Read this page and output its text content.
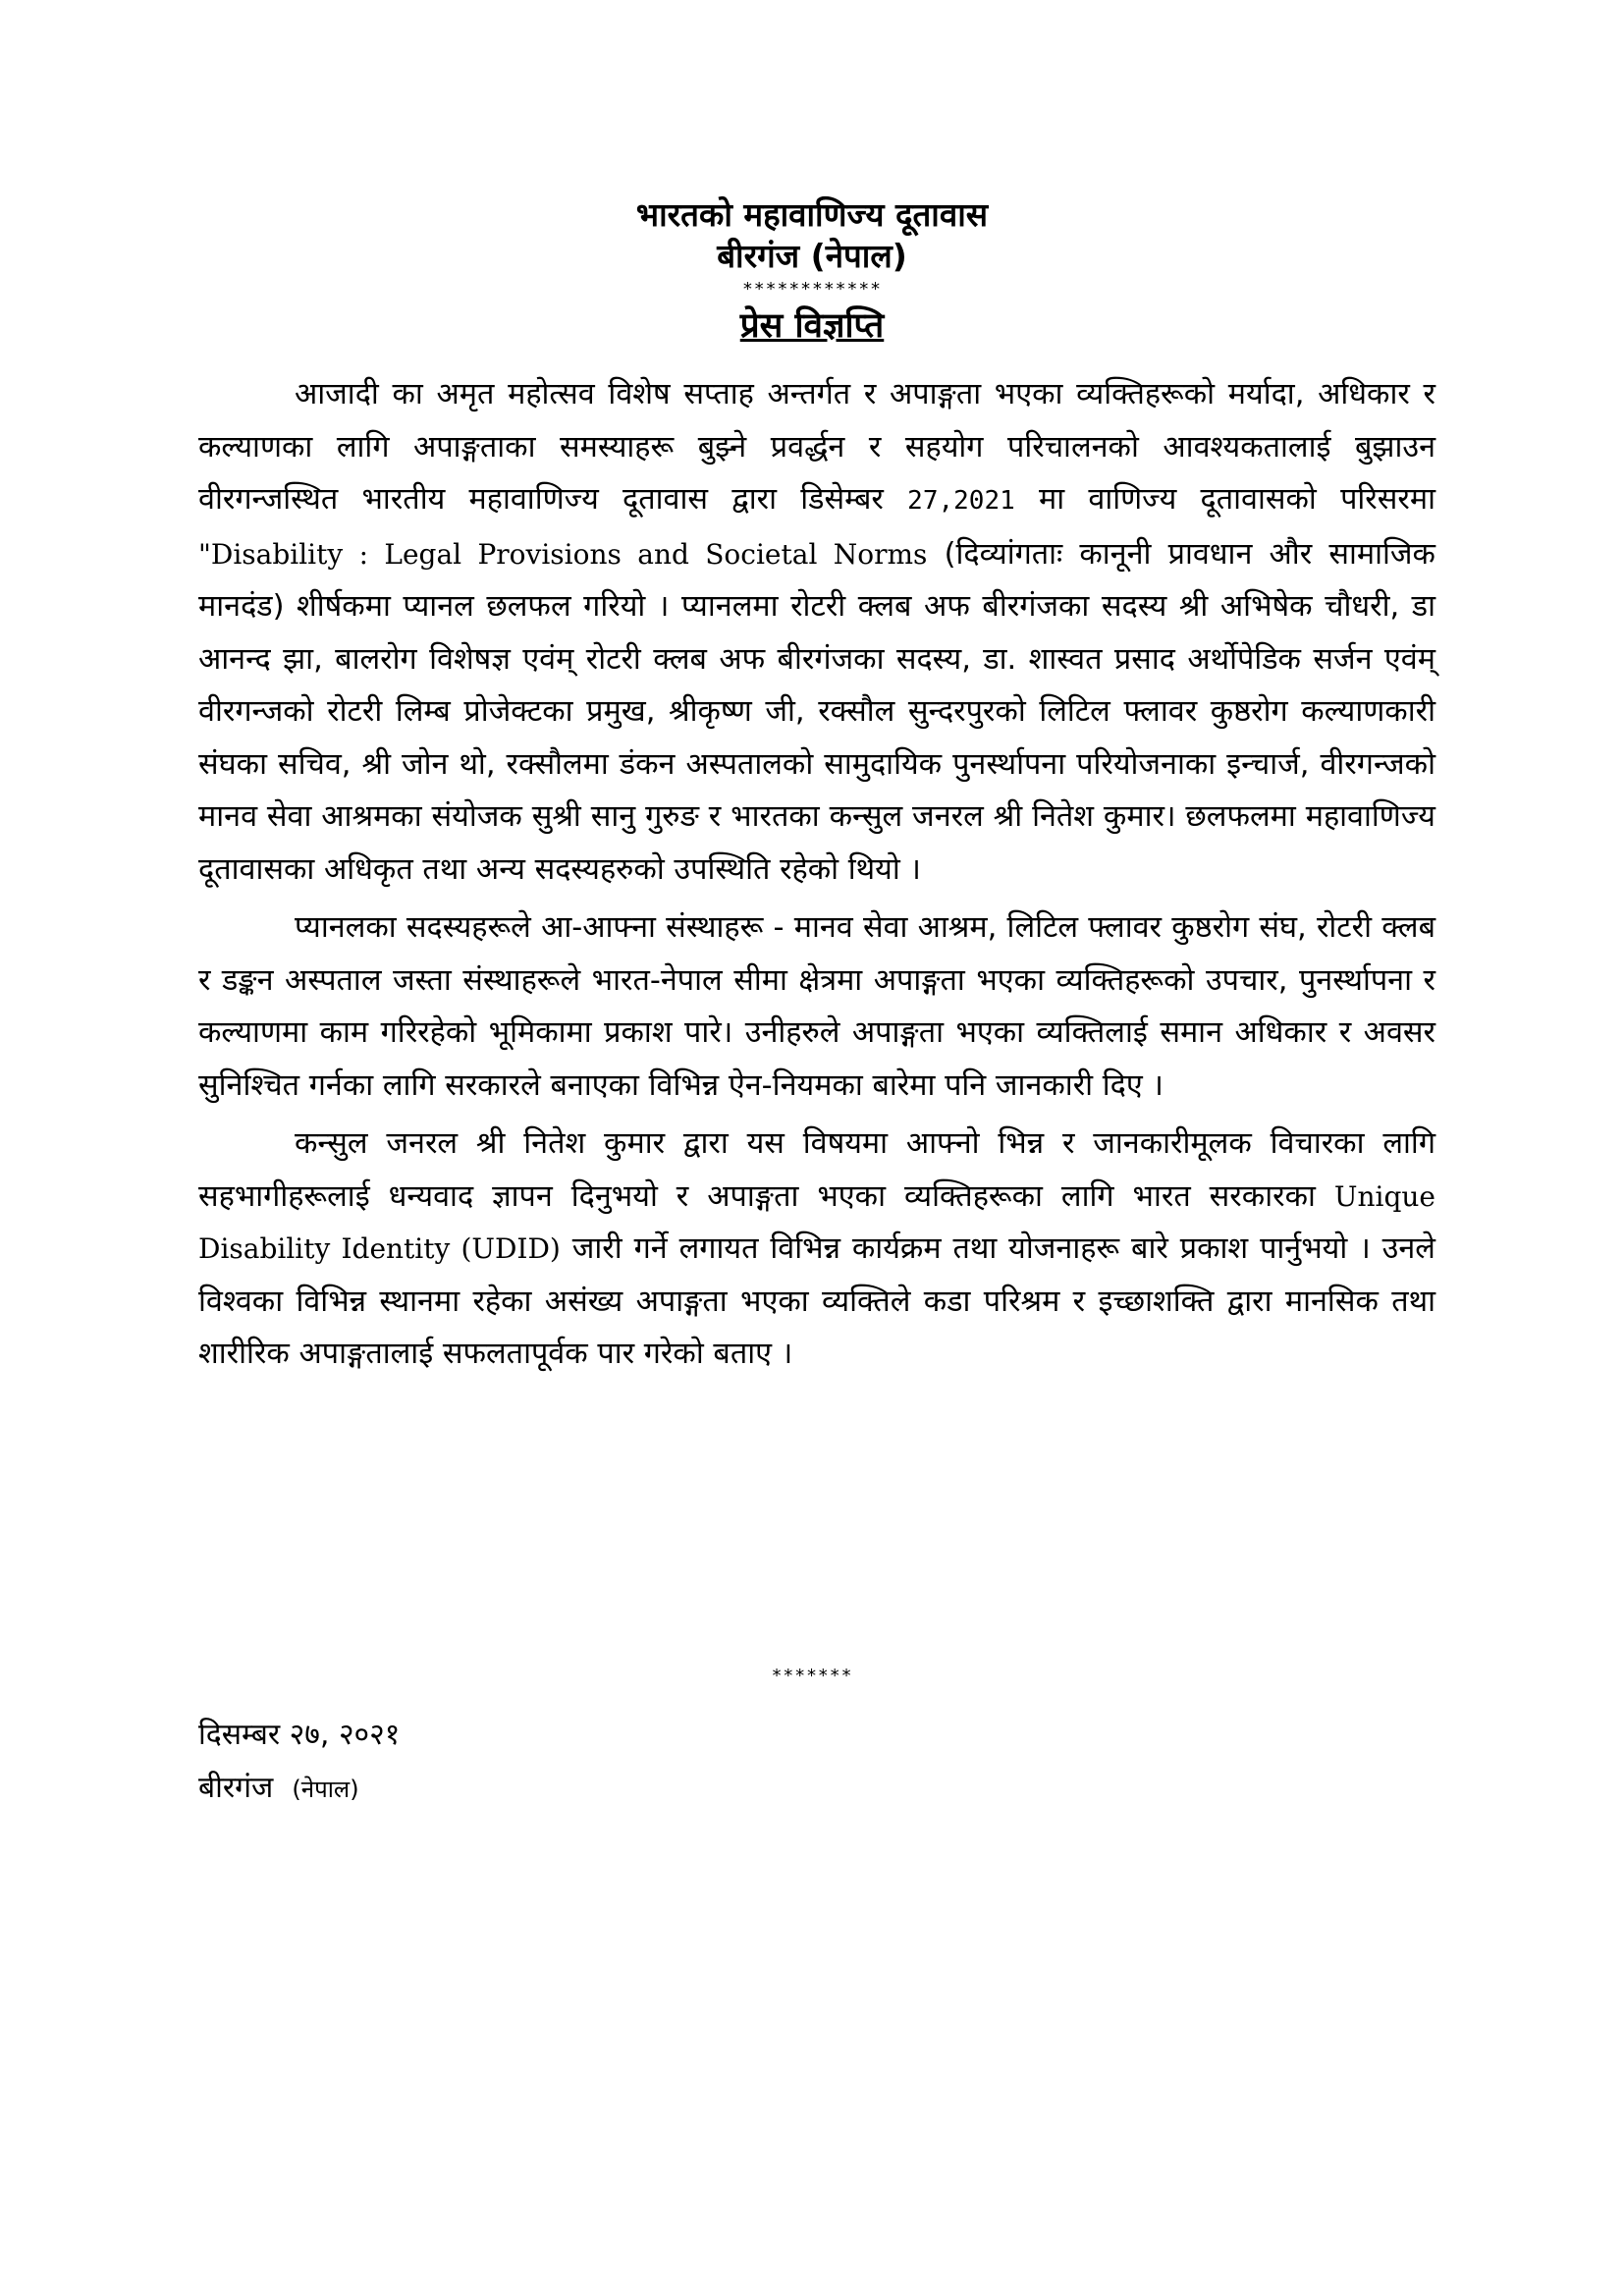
भारतको महावाणिज्य दूतावास

बीरगंज (नेपाल)

************

प्रेस विज्ञप्ति

आजादी का अमृत महोत्सव विशेष सप्ताह अन्तर्गत र अपाङ्गता भएका व्यक्तिहरूको मर्यादा, अधिकार र कल्याणका लागि अपाङ्गताका समस्याहरू बुझ्ने प्रवर्द्धन र सहयोग परिचालनको आवश्यकतालाई बुझाउन वीरगन्जस्थित भारतीय महावाणिज्य दूतावास द्वारा डिसेम्बर 27,2021 मा वाणिज्य दूतावासको परिसरमा "Disability : Legal Provisions and Societal Norms (दिव्यांगताः कानूनी प्रावधान और सामाजिक मानदंड) शीर्षकमा प्यानल छलफल गरियो । प्यानलमा रोटरी क्लब अफ बीरगंजका सदस्य श्री अभिषेक चौधरी, डा आनन्द झा, बालरोग विशेषज्ञ एवंम् रोटरी क्लब अफ बीरगंजका सदस्य, डा. शास्वत प्रसाद अर्थोपेडिक सर्जन एवंम् वीरगन्जको रोटरी लिम्ब प्रोजेक्टका प्रमुख, श्रीकृष्ण जी, रक्सौल सुन्दरपुरको लिटिल फ्लावर कुष्ठरोग कल्याणकारी संघका सचिव, श्री जोन थो, रक्सौलमा डंकन अस्पतालको सामुदायिक पुनर्स्थापना परियोजनाका इन्चार्ज, वीरगन्जको मानव सेवा आश्रमका संयोजक सुश्री सानु गुरुङ र भारतका कन्सुल जनरल श्री नितेश कुमार। छलफलमा महावाणिज्य दूतावासका अधिकृत तथा अन्य सदस्यहरुको उपस्थिति रहेको थियो ।

प्यानलका सदस्यहरूले आ-आफ्ना संस्थाहरू - मानव सेवा आश्रम, लिटिल फ्लावर कुष्ठरोग संघ, रोटरी क्लब र डङ्कन अस्पताल जस्ता संस्थाहरूले भारत-नेपाल सीमा क्षेत्रमा अपाङ्गता भएका व्यक्तिहरूको उपचार, पुनर्स्थापना र कल्याणमा काम गरिरहेको भूमिकामा प्रकाश पारे। उनीहरुले अपाङ्गता भएका व्यक्तिलाई समान अधिकार र अवसर सुनिश्चित गर्नका लागि सरकारले बनाएका विभिन्न ऐन-नियमका बारेमा पनि जानकारी दिए ।

कन्सुल जनरल श्री नितेश कुमार द्वारा यस विषयमा आफ्नो भिन्न र जानकारीमूलक विचारका लागि सहभागीहरूलाई धन्यवाद ज्ञापन दिनुभयो र अपाङ्गता भएका व्यक्तिहरूका लागि भारत सरकारका Unique Disability Identity (UDID) जारी गर्ने लगायत विभिन्न कार्यक्रम तथा योजनाहरू बारे प्रकाश पार्नुभयो । उनले विश्वका विभिन्न स्थानमा रहेका असंख्य अपाङ्गता भएका व्यक्तिले कडा परिश्रम र इच्छाशक्ति द्वारा मानसिक तथा शारीरिक अपाङ्गतालाई सफलतापूर्वक पार गरेको बताए ।

*******
दिसम्बर २७, २०२१
बीरगंज (नेपाल)
